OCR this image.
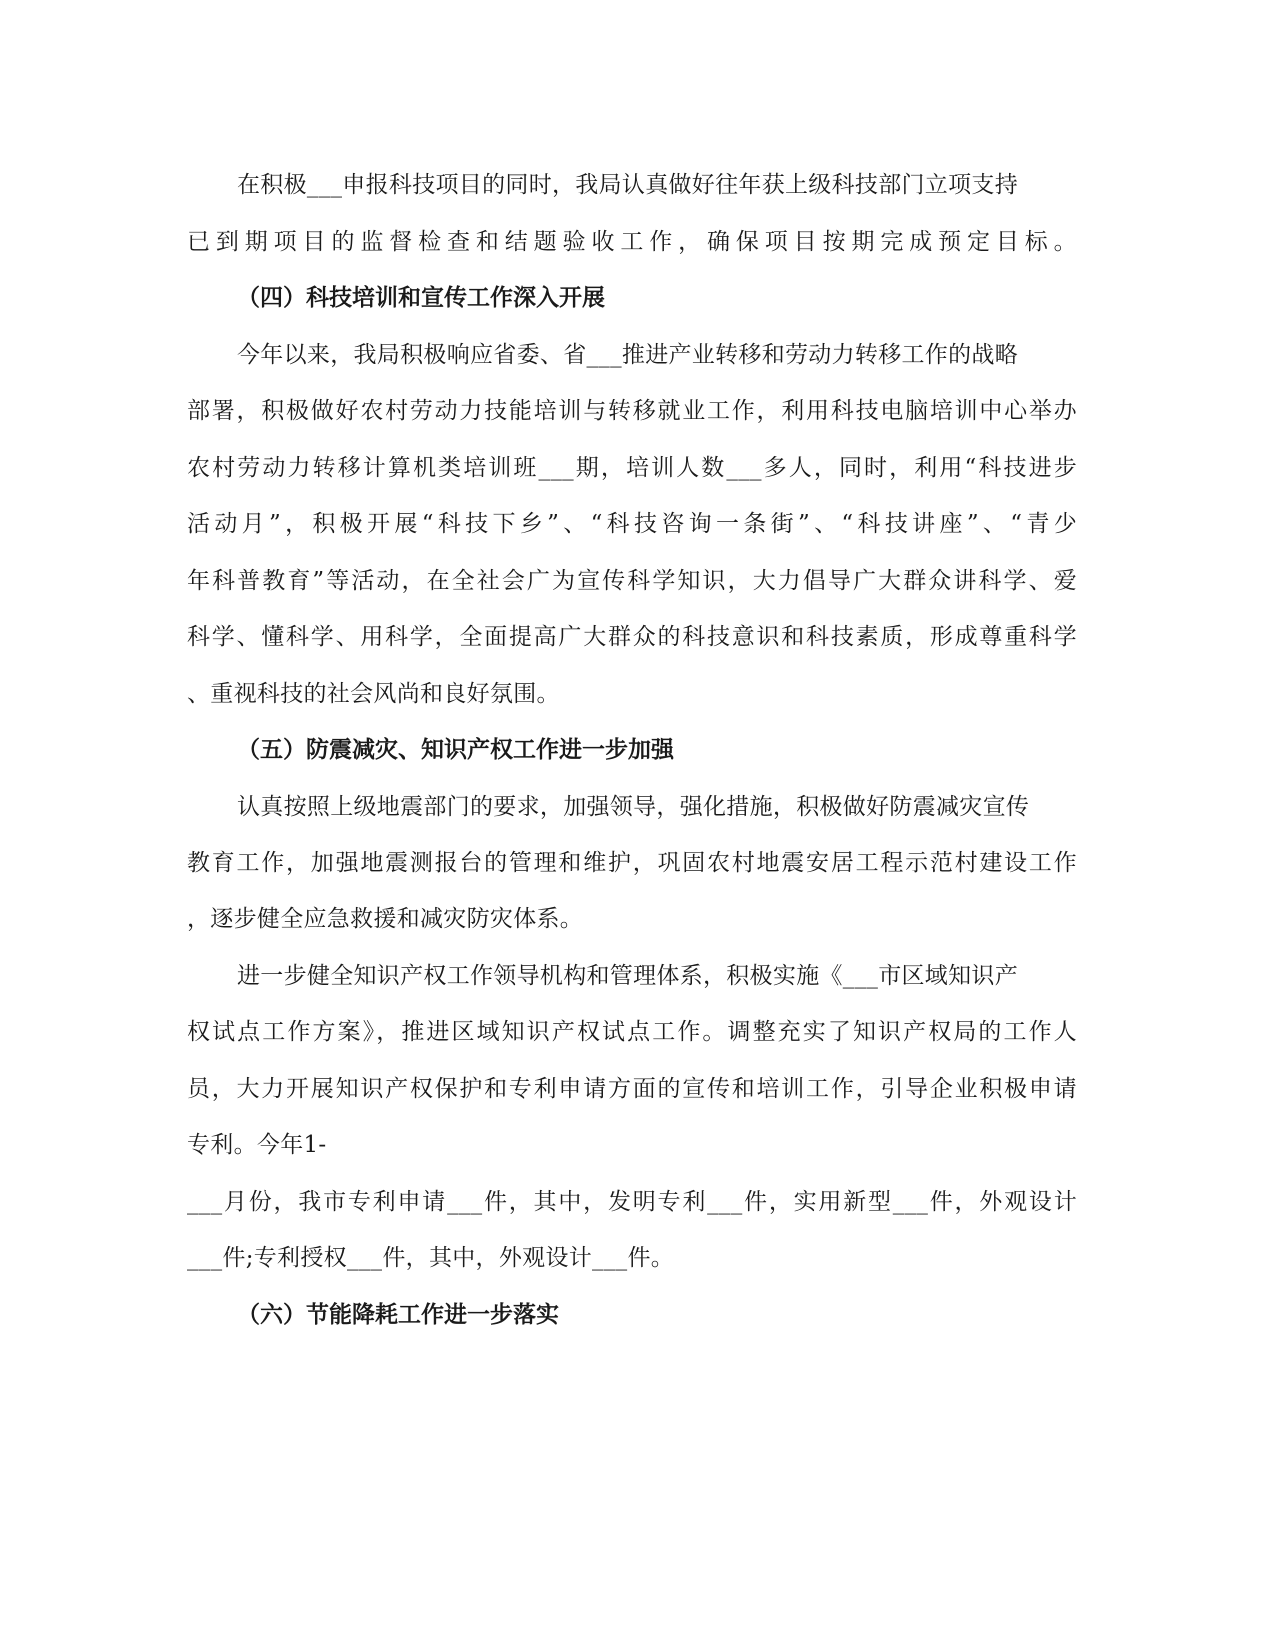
在积极___申报科技项目的同时，我局认真做好往年获上级科技部门立项支持
已到期项目的监督检查和结题验收工作，确保项目按期完成预定目标。
（四）科技培训和宣传工作深入开展
今年以来，我局积极响应省委、省___推进产业转移和劳动力转移工作的战略
部署，积极做好农村劳动力技能培训与转移就业工作，利用科技电脑培训中心举办
农村劳动力转移计算机类培训班___期，培训人数___多人，同时，利用“科技进步
活动月”，积极开展“科技下乡”、“科技咨询一条街”、“科技讲座”、“青少
年科普教育”等活动，在全社会广为宣传科学知识，大力倡导广大群众讲科学、爱
科学、懂科学、用科学，全面提高广大群众的科技意识和科技素质，形成尊重科学
、重视科技的社会风尚和良好氛围。
（五）防震减灾、知识产权工作进一步加强
认真按照上级地震部门的要求，加强领导，强化措施，积极做好防震减灾宣传
教育工作，加强地震测报台的管理和维护，巩固农村地震安居工程示范村建设工作
，逐步健全应急救援和减灾防灾体系。
进一步健全知识产权工作领导机构和管理体系，积极实施《___市区域知识产
权试点工作方案》，推进区域知识产权试点工作。调整充实了知识产权局的工作人
员，大力开展知识产权保护和专利申请方面的宣传和培训工作，引导企业积极申请
专利。今年1-
___月份，我市专利申请___件，其中，发明专利___件，实用新型___件，外观设计
___件;专利授权___件，其中，外观设计___件。
（六）节能降耗工作进一步落实
